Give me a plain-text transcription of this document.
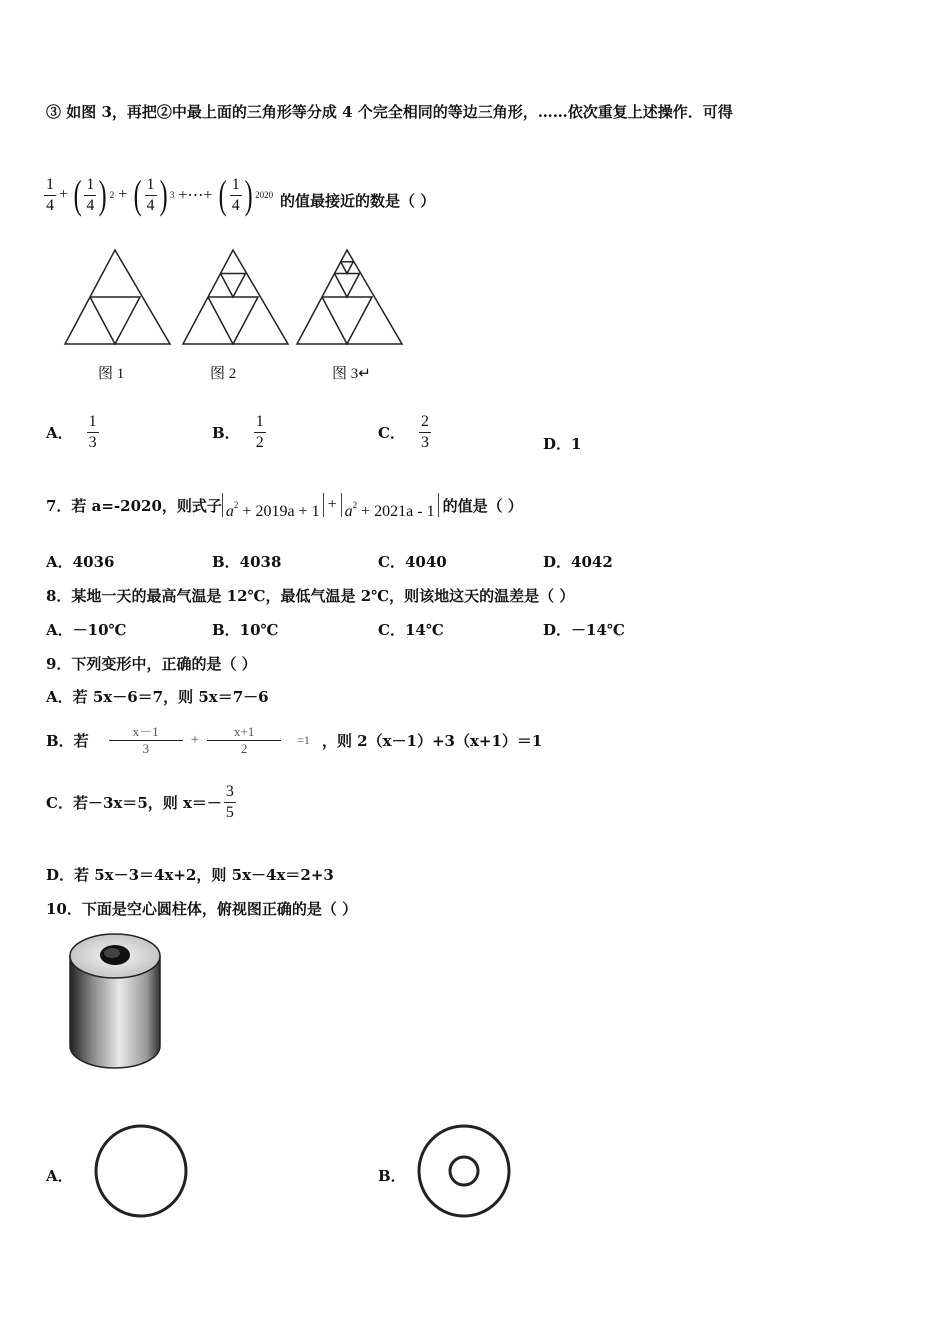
③ 如图 3，再把②中最上面的三角形等分成 4 个完全相同的等边三角形，……依次重复上述操作．可得
$\frac{1}{4}$ + ( $\frac{1}{4}$ ) 2 + ( $\frac{1}{4}$ ) 3 +⋯+ ( $\frac{1}{4}$ ) 2020 的值最接近的数是（ ）
图 1	图 2	图 3↵
A． $\frac{1}{3}$	B． $\frac{1}{2}$	C． $\frac{2}{3}$	D．1
7．若 a=-2020，则式子 $a^2 + 2019a + 1 + a^2 + 2021a - 1$ 的值是（ ）
A．4036	B．4038	C．4040	D．4042
8．某地一天的最高气温是 12℃，最低气温是 2℃，则该地这天的温差是（ ）
A．－10℃	B．10℃	C．14℃	D．－14℃
9．下列变形中，正确的是（ ）
A．若 5x－6＝7，则 5x＝7－6
B．若 $\frac{x-1}{3} + \frac{x+1}{2} =1$ ，则 2（x－1）+3（x+1）＝1
C．若－3x＝5，则 $x=- \frac{3}{5}$
D．若 5x－3＝4x+2，则 5x－4x＝2+3
10．下面是空心圆柱体，俯视图正确的是（ ）
A．	B．
